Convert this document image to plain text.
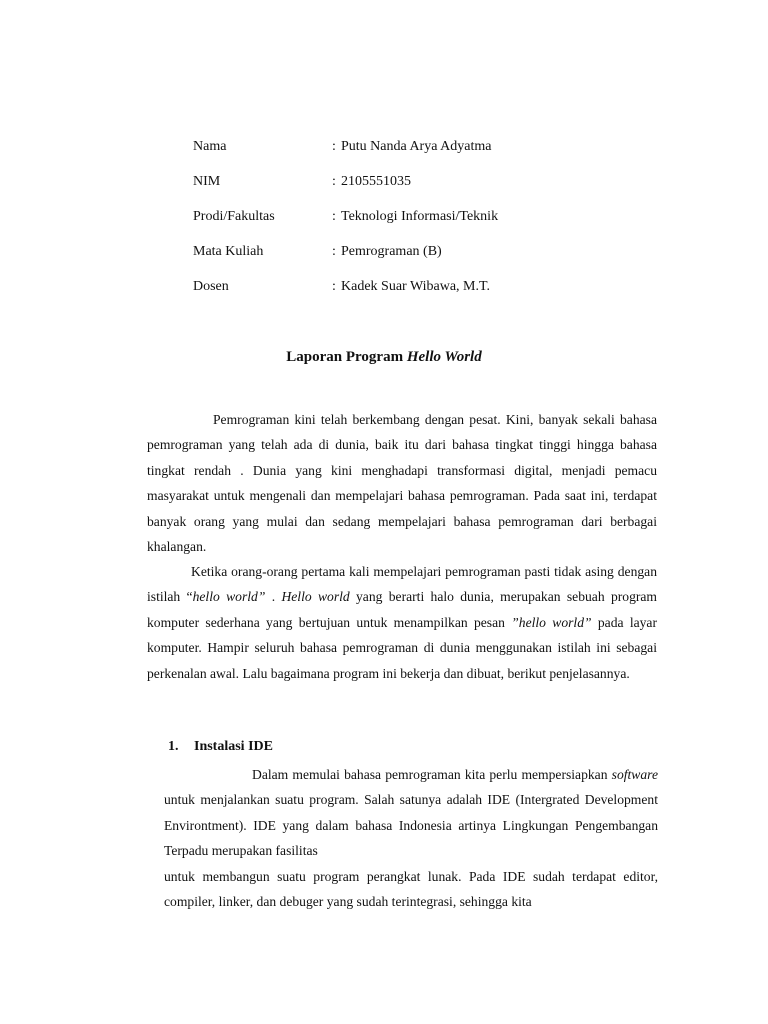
Nama	: Putu Nanda Arya Adyatma
NIM	: 2105551035
Prodi/Fakultas	: Teknologi Informasi/Teknik
Mata Kuliah	: Pemrograman (B)
Dosen	: Kadek Suar Wibawa, M.T.
Laporan Program Hello World

Pemrograman kini telah berkembang dengan pesat. Kini, banyak sekali bahasa pemrograman yang telah ada di dunia, baik itu dari bahasa tingkat tinggi hingga bahasa tingkat rendah . Dunia yang kini menghadapi transformasi digital, menjadi pemacu masyarakat untuk mengenali dan mempelajari bahasa pemrograman. Pada saat ini, terdapat banyak orang yang mulai dan sedang mempelajari bahasa pemrograman dari berbagai khalangan.

Ketika orang-orang pertama kali mempelajari pemrograman pasti tidak asing dengan istilah “hello world” . Hello world yang berarti halo dunia, merupakan sebuah program komputer sederhana yang bertujuan untuk menampilkan pesan ”hello world” pada layar komputer. Hampir seluruh bahasa pemrograman di dunia menggunakan istilah ini sebagai perkenalan awal. Lalu bagaimana program ini bekerja dan dibuat, berikut penjelasannya.

1. Instalasi IDE

Dalam memulai bahasa pemrograman kita perlu mempersiapkan software untuk menjalankan suatu program. Salah satunya adalah IDE (Intergrated Development Environtment). IDE yang dalam bahasa Indonesia artinya Lingkungan Pengembangan Terpadu merupakan fasilitas

untuk membangun suatu program perangkat lunak. Pada IDE sudah terdapat editor, compiler, linker, dan debuger yang sudah terintegrasi, sehingga kita
